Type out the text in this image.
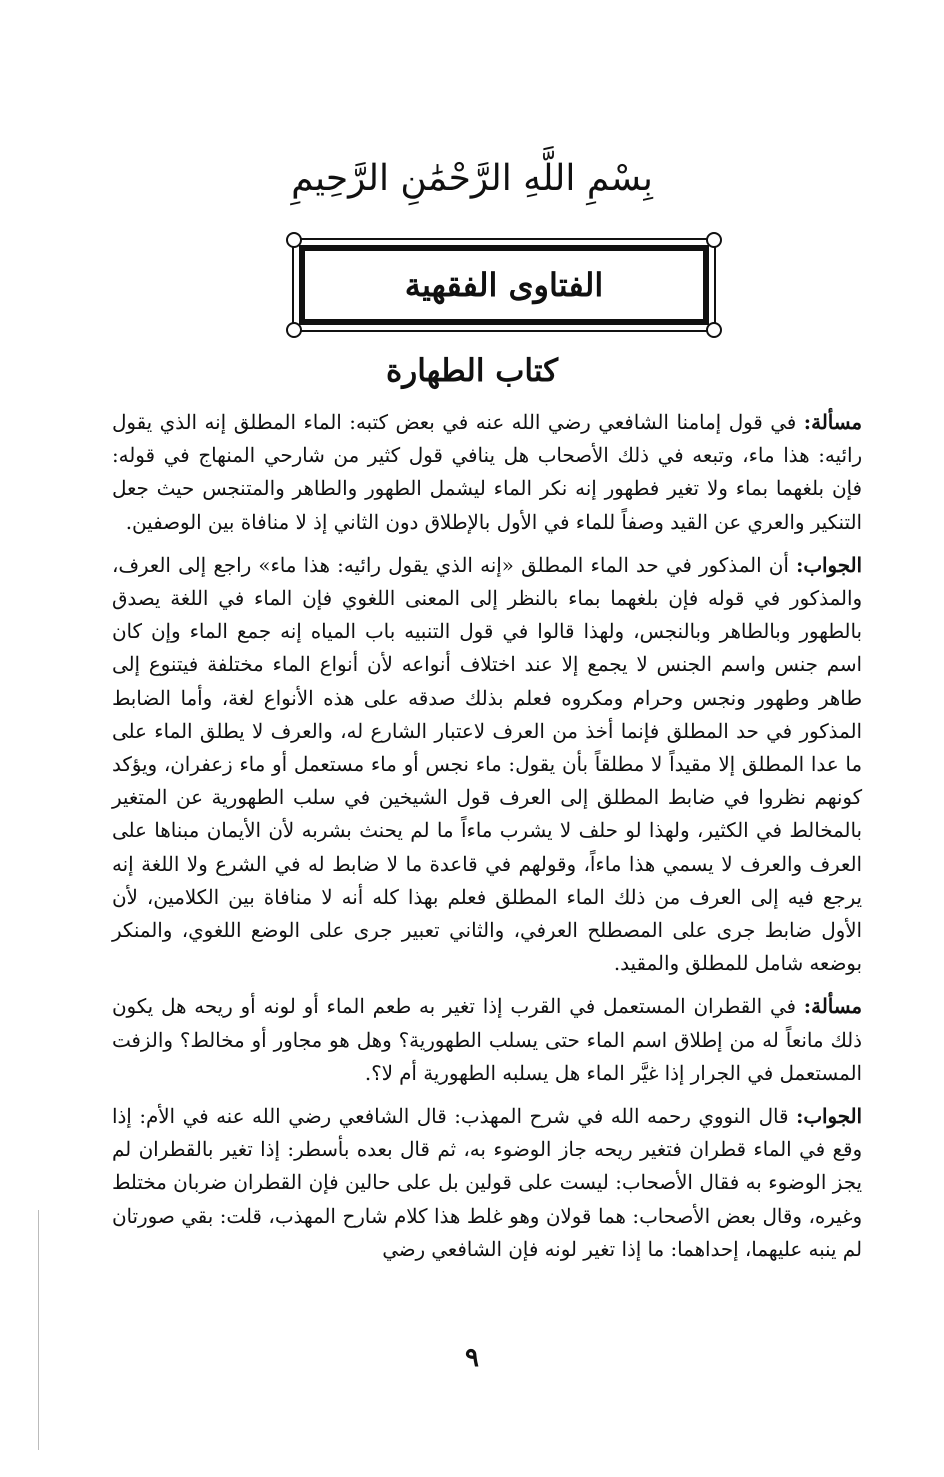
بِسْمِ اللَّهِ الرَّحْمَٰنِ الرَّحِيمِ
الفتاوى الفقهية
كتاب الطهارة

مسألة: في قول إمامنا الشافعي رضي الله عنه في بعض كتبه: الماء المطلق إنه الذي يقول رائيه: هذا ماء، وتبعه في ذلك الأصحاب هل ينافي قول كثير من شارحي المنهاج في قوله: فإن بلغهما بماء ولا تغير فطهور إنه نكر الماء ليشمل الطهور والطاهر والمتنجس حيث جعل التنكير والعري عن القيد وصفاً للماء في الأول بالإطلاق دون الثاني إذ لا منافاة بين الوصفين.

الجواب: أن المذكور في حد الماء المطلق «إنه الذي يقول رائيه: هذا ماء» راجع إلى العرف، والمذكور في قوله فإن بلغهما بماء بالنظر إلى المعنى اللغوي فإن الماء في اللغة يصدق بالطهور وبالطاهر وبالنجس، ولهذا قالوا في قول التنبيه باب المياه إنه جمع الماء وإن كان اسم جنس واسم الجنس لا يجمع إلا عند اختلاف أنواعه لأن أنواع الماء مختلفة فيتنوع إلى طاهر وطهور ونجس وحرام ومكروه فعلم بذلك صدقه على هذه الأنواع لغة، وأما الضابط المذكور في حد المطلق فإنما أخذ من العرف لاعتبار الشارع له، والعرف لا يطلق الماء على ما عدا المطلق إلا مقيداً لا مطلقاً بأن يقول: ماء نجس أو ماء مستعمل أو ماء زعفران، ويؤكد كونهم نظروا في ضابط المطلق إلى العرف قول الشيخين في سلب الطهورية عن المتغير بالمخالط في الكثير، ولهذا لو حلف لا يشرب ماءاً ما لم يحنث بشربه لأن الأيمان مبناها على العرف والعرف لا يسمي هذا ماءاً، وقولهم في قاعدة ما لا ضابط له في الشرع ولا اللغة إنه يرجع فيه إلى العرف من ذلك الماء المطلق فعلم بهذا كله أنه لا منافاة بين الكلامين، لأن الأول ضابط جرى على المصطلح العرفي، والثاني تعبير جرى على الوضع اللغوي، والمنكر بوضعه شامل للمطلق والمقيد.

مسألة: في القطران المستعمل في القرب إذا تغير به طعم الماء أو لونه أو ريحه هل يكون ذلك مانعاً له من إطلاق اسم الماء حتى يسلب الطهورية؟ وهل هو مجاور أو مخالط؟ والزفت المستعمل في الجرار إذا غيَّر الماء هل يسلبه الطهورية أم لا؟.

الجواب: قال النووي رحمه الله في شرح المهذب: قال الشافعي رضي الله عنه في الأم: إذا وقع في الماء قطران فتغير ريحه جاز الوضوء به، ثم قال بعده بأسطر: إذا تغير بالقطران لم يجز الوضوء به فقال الأصحاب: ليست على قولين بل على حالين فإن القطران ضربان مختلط وغيره، وقال بعض الأصحاب: هما قولان وهو غلط هذا كلام شارح المهذب، قلت: بقي صورتان لم ينبه عليهما، إحداهما: ما إذا تغير لونه فإن الشافعي رضي

٩
